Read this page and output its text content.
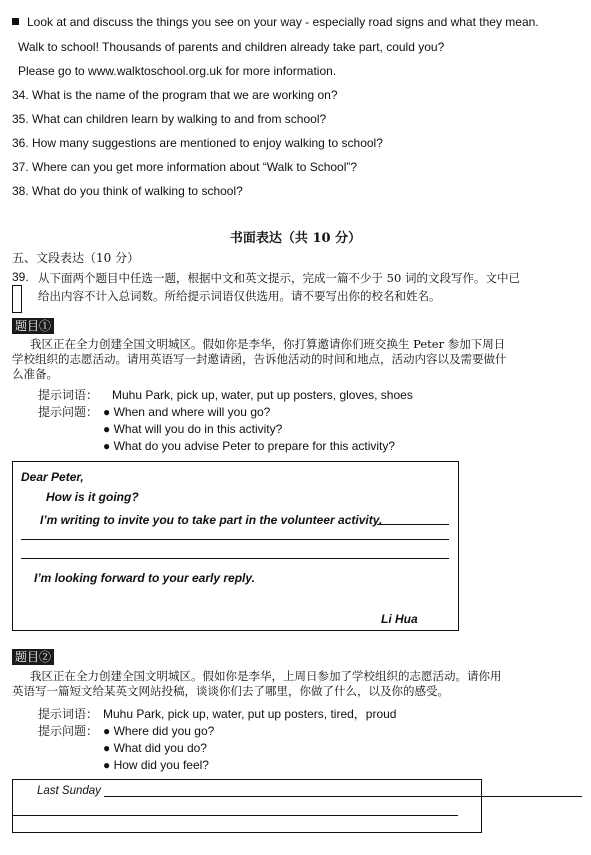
Look at and discuss the things you see on your way - especially road signs and what they mean.
Walk to school! Thousands of parents and children already take part, could you?
Please go to www.walktoschool.org.uk for more information.
34. What is the name of the program that we are working on?
35. What can children learn by walking to and from school?
36. How many suggestions are mentioned to enjoy walking to school?
37. Where can you get more information about “Walk to School”?
38. What do you think of walking to school?
书面表达（共 10 分）
五、文段表达（10 分）
39. 从下面两个题目中任选一题，根据中文和英文提示，完成一篇不少于 50 词的文段写作。文中已
给出内容不计入总词数。所给提示词语仅供选用。请不要写出你的校名和姓名。
题目①
我区正在全力创建全国文明城区。假如你是李华，你打算邀请你们班交换生 Peter 参加下周日
学校组织的志愿活动。请用英语写一封邀请函，告诉他活动的时间和地点，活动内容以及需要做什
么准备。
提示词语： Muhu Park, pick up, water, put up posters, gloves, shoes
提示问题： ● When and where will you go?
● What will you do in this activity?
● What do you advise Peter to prepare for this activity?
Dear Peter,
How is it going?
I’m writing to invite you to take part in the volunteer activity.
I’m looking forward to your early reply.
Li Hua
题目②
我区正在全力创建全国文明城区。假如你是李华，上周日参加了学校组织的志愿活动。请你用
英语写一篇短文给某英文网站投稿，谈谈你们去了哪里，你做了什么，以及你的感受。
提示词语： Muhu Park, pick up, water, put up posters, tired，proud
提示问题： ● Where did you go?
● What did you do?
● How did you feel?
Last Sunday
